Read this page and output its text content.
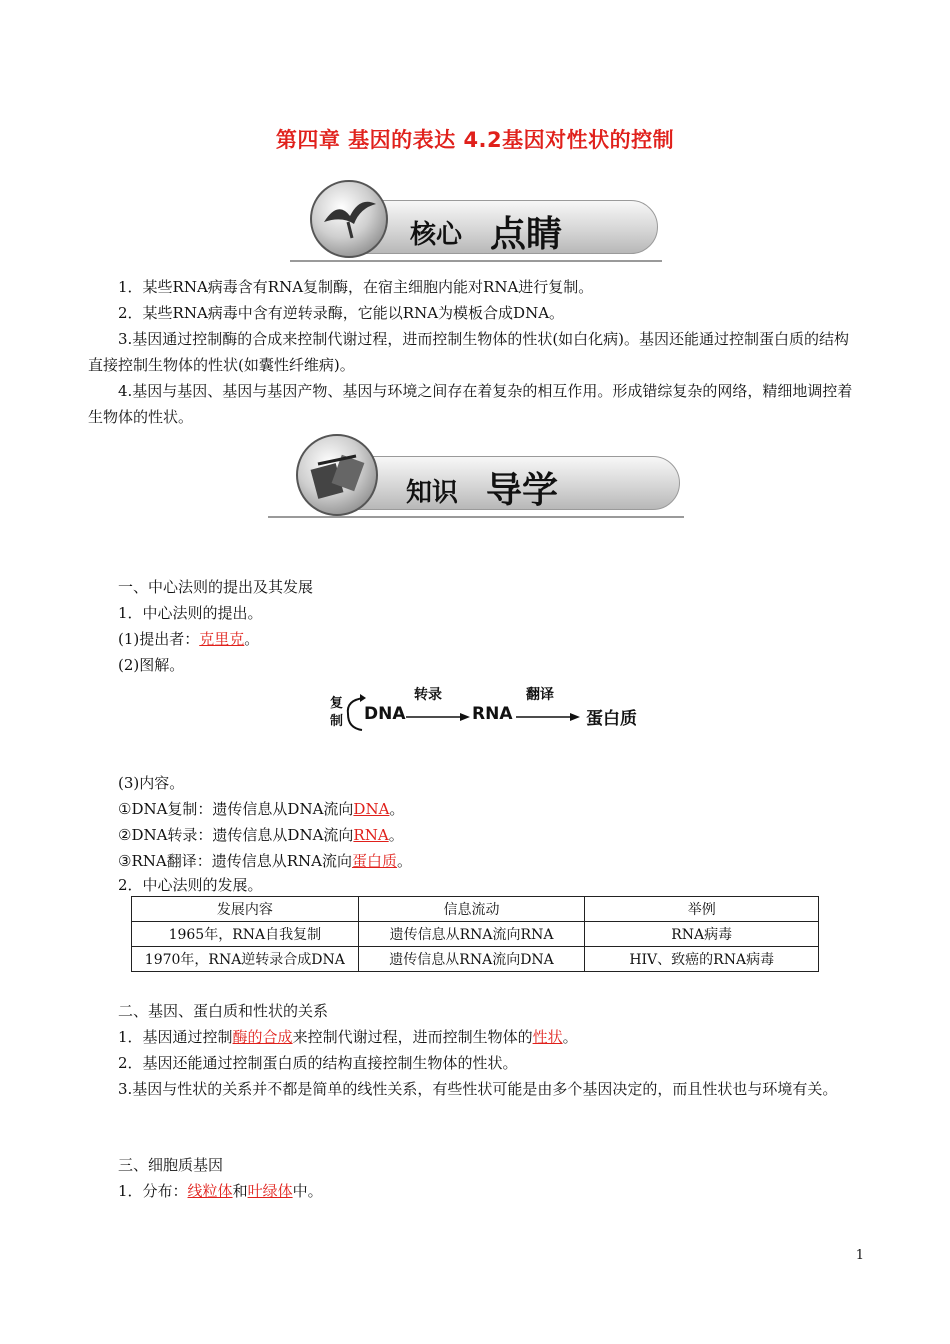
第四章 基因的表达 4.2基因对性状的控制
核心 点睛
1．某些RNA病毒含有RNA复制酶，在宿主细胞内能对RNA进行复制。
2．某些RNA病毒中含有逆转录酶，它能以RNA为模板合成DNA。
3.基因通过控制酶的合成来控制代谢过程，进而控制生物体的性状(如白化病)。基因还能通过控制蛋白质的结构直接控制生物体的性状(如囊性纤维病)。
4.基因与基因、基因与基因产物、基因与环境之间存在着复杂的相互作用。形成错综复杂的网络，精细地调控着生物体的性状。
知识 导学
一、中心法则的提出及其发展
1．中心法则的提出。
(1)提出者：克里克。
(2)图解。
复
制 DNA
转录
RNA
翻译
蛋白质
(3)内容。
①DNA复制：遗传信息从DNA流向DNA。
②DNA转录：遗传信息从DNA流向RNA。
③RNA翻译：遗传信息从RNA流向蛋白质。
2．中心法则的发展。
发展内容	信息流动	举例
1965年，RNA自我复制	遗传信息从RNA流向RNA	RNA病毒
1970年，RNA逆转录合成DNA	遗传信息从RNA流向DNA	HIV、致癌的RNA病毒
二、基因、蛋白质和性状的关系
1．基因通过控制酶的合成来控制代谢过程，进而控制生物体的性状。
2．基因还能通过控制蛋白质的结构直接控制生物体的性状。
3.基因与性状的关系并不都是简单的线性关系，有些性状可能是由多个基因决定的，而且性状也与环境有关。
三、细胞质基因
1．分布：线粒体和叶绿体中。
1
